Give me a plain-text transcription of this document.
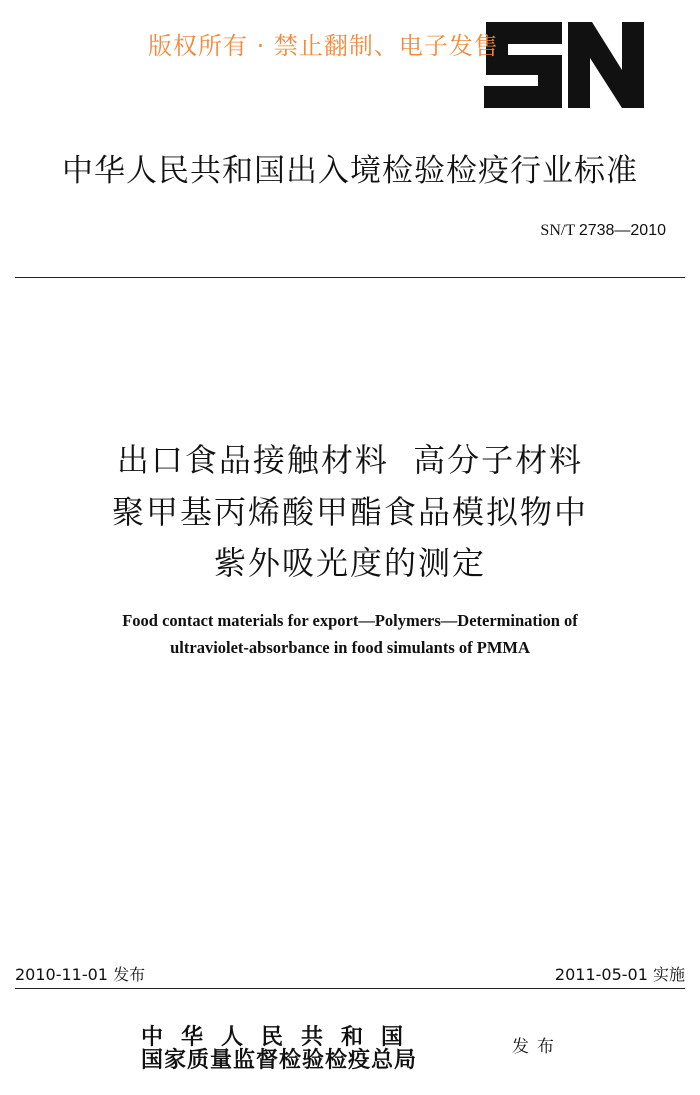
版权所有 · 禁止翻制、电子发售
中华人民共和国出入境检验检疫行业标准
SN/T 2738—2010
出口食品接触材料  高分子材料
聚甲基丙烯酸甲酯食品模拟物中
紫外吸光度的测定
Food contact materials for export—Polymers—Determination of
ultraviolet-absorbance in food simulants of PMMA
2010-11-01 发布	2011-05-01 实施
中华人民共和国
国家质量监督检验检疫总局	发布
